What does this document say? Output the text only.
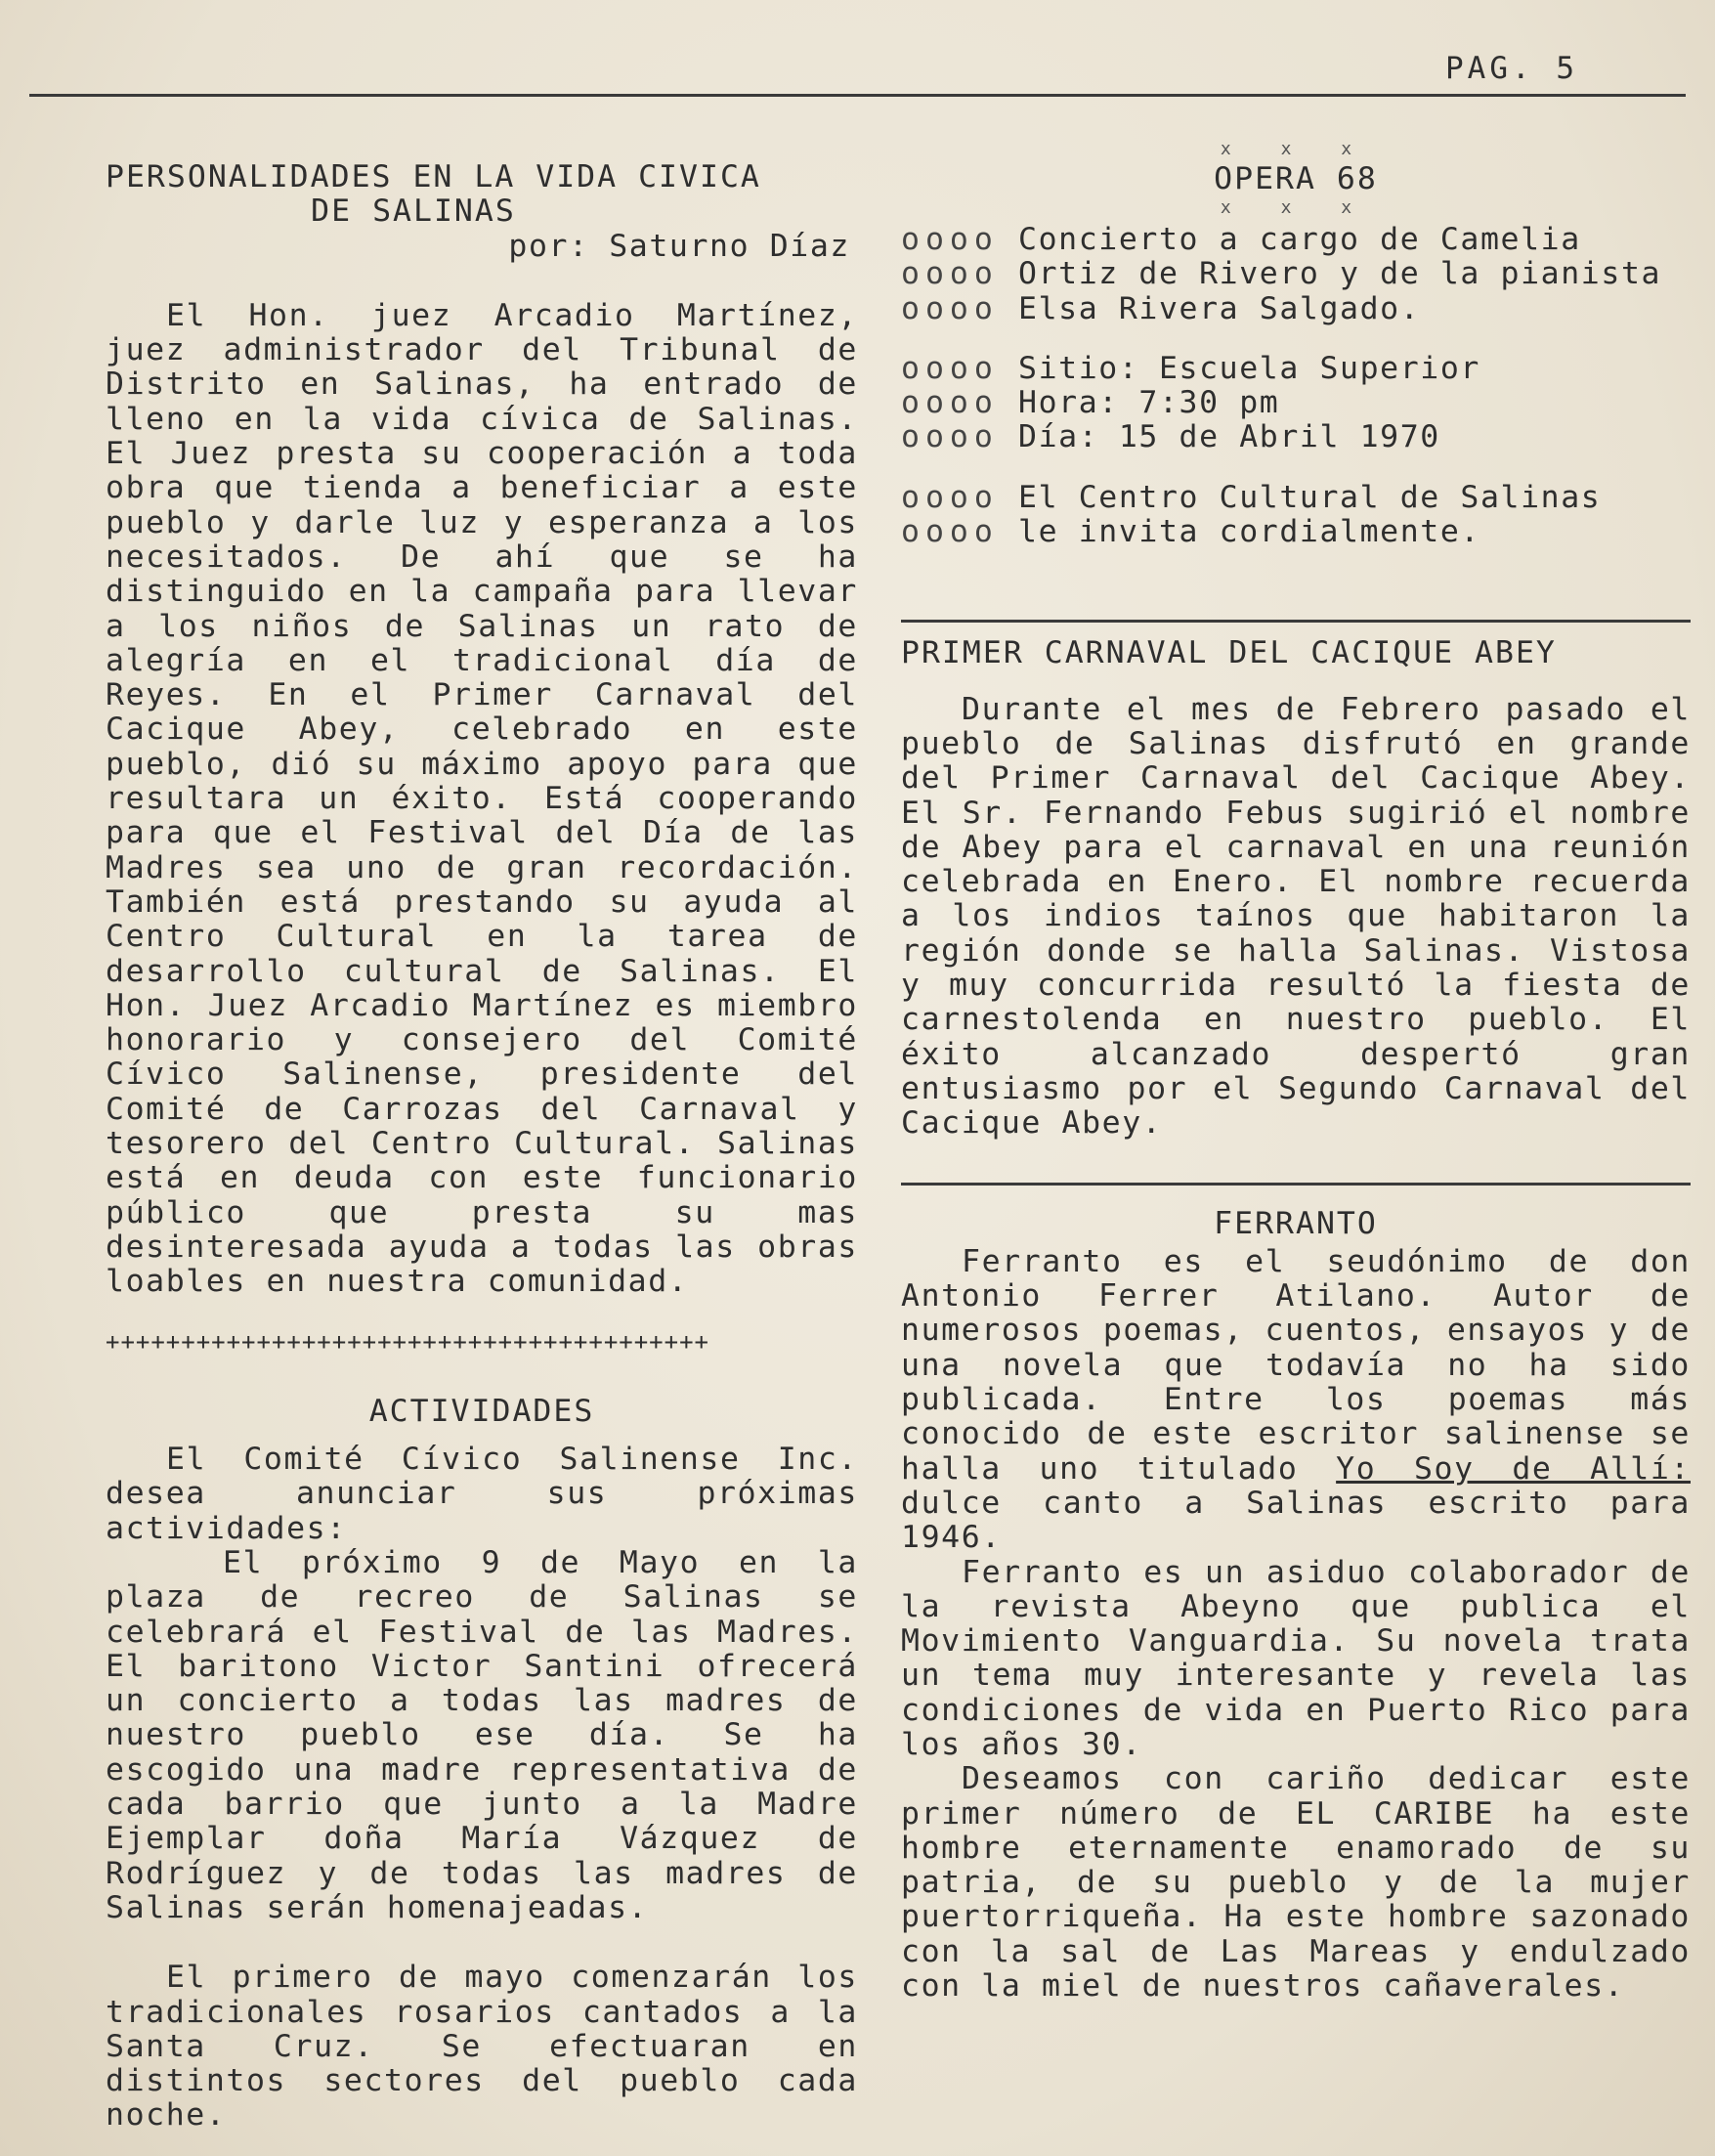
PAG. 5
PERSONALIDADES EN LA VIDA CIVICA
DE SALINAS
por: Saturno Díaz

El Hon. juez Arcadio Martínez, juez administrador del Tribunal de Distrito en Salinas, ha entrado de lleno en la vida cívica de Salinas. El Juez presta su cooperación a toda obra que tienda a beneficiar a este pueblo y darle luz y esperanza a los necesitados. De ahí que se ha distinguido en la campaña para llevar a los niños de Salinas un rato de alegría en el tradicional día de Reyes. En el Primer Carnaval del Cacique Abey, celebrado en este pueblo, dió su máximo apoyo para que resultara un éxito. Está cooperando para que el Festival del Día de las Madres sea uno de gran recordación. También está prestando su ayuda al Centro Cultural en la tarea de desarrollo cultural de Salinas. El Hon. Juez Arcadio Martínez es miembro honorario y consejero del Comité Cívico Salinense, presidente del Comité de Carrozas del Carnaval y tesorero del Centro Cultural. Salinas está en deuda con este funcionario público que presta su mas desinteresada ayuda a todas las obras loables en nuestra comunidad.

++++++++++++++++++++++++++++++++++++++++
ACTIVIDADES

El Comité Cívico Salinense Inc. desea anunciar sus próximas actividades:

El próximo 9 de Mayo en la plaza de recreo de Salinas se celebrará el Festival de las Madres. El baritono Victor Santini ofrecerá un concierto a todas las madres de nuestro pueblo ese día. Se ha escogido una madre representativa de cada barrio que junto a la Madre Ejemplar doña María Vázquez de Rodríguez y de todas las madres de Salinas serán homenajeadas.

El primero de mayo comenzarán los tradicionales rosarios cantados a la Santa Cruz. Se efectuaran en distintos sectores del pueblo cada noche.

x x x
OPERA 68
x x x
oooo Concierto a cargo de Camelia
oooo Ortiz de Rivero y de la pianista
oooo Elsa Rivera Salgado.
oooo Sitio: Escuela Superior
oooo Hora: 7:30 pm
oooo Día: 15 de Abril 1970
oooo El Centro Cultural de Salinas
oooo le invita cordialmente.
PRIMER CARNAVAL DEL CACIQUE ABEY

Durante el mes de Febrero pasado el pueblo de Salinas disfrutó en grande del Primer Carnaval del Cacique Abey. El Sr. Fernando Febus sugirió el nombre de Abey para el carnaval en una reunión celebrada en Enero. El nombre recuerda a los indios taínos que habitaron la región donde se halla Salinas. Vistosa y muy concurrida resultó la fiesta de carnestolenda en nuestro pueblo. El éxito alcanzado despertó gran entusiasmo por el Segundo Carnaval del Cacique Abey.

FERRANTO

Ferranto es el seudónimo de don Antonio Ferrer Atilano. Autor de numerosos poemas, cuentos, ensayos y de una novela que todavía no ha sido publicada. Entre los poemas más conocido de este escritor salinense se halla uno titulado Yo Soy de Allí: dulce canto a Salinas escrito para 1946.

Ferranto es un asiduo colaborador de la revista Abeyno que publica el Movimiento Vanguardia. Su novela trata un tema muy interesante y revela las condiciones de vida en Puerto Rico para los años 30.

Deseamos con cariño dedicar este primer número de EL CARIBE ha este hombre eternamente enamorado de su patria, de su pueblo y de la mujer puertorriqueña. Ha este hombre sazonado con la sal de Las Mareas y endulzado con la miel de nuestros cañaverales.
